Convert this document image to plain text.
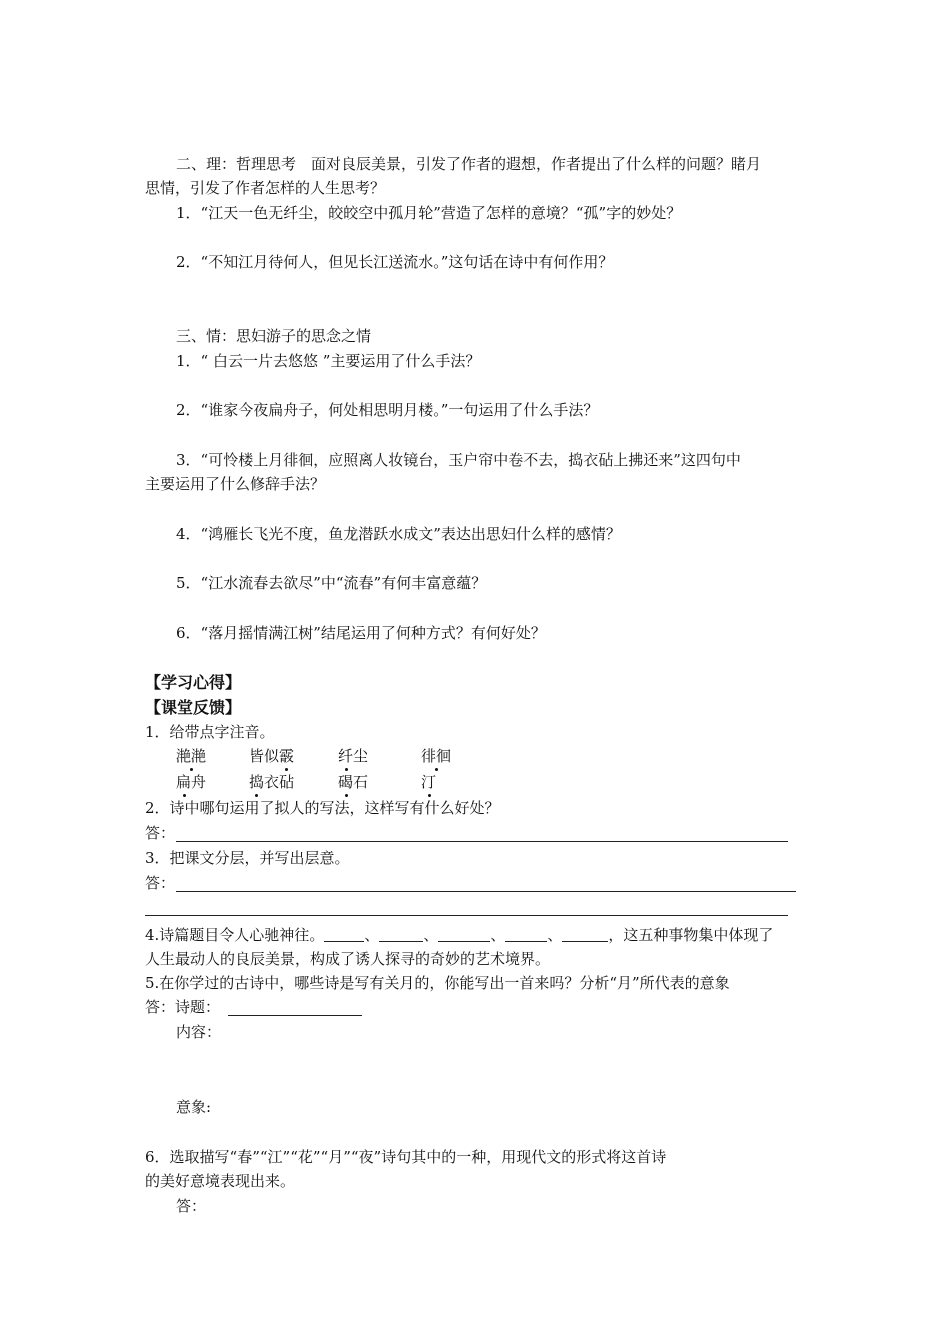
二、理：哲理思考　面对良辰美景，引发了作者的遐想，作者提出了什么样的问题？睹月
思情，引发了作者怎样的人生思考？
1．“江天一色无纤尘，皎皎空中孤月轮”营造了怎样的意境？“孤”字的妙处？
2．“不知江月待何人，但见长江送流水。”这句话在诗中有何作用？
三、情：思妇游子的思念之情
1．“ 白云一片去悠悠 ”主要运用了什么手法？
2．“谁家今夜扁舟子，何处相思明月楼。”一句运用了什么手法？
3．“可怜楼上月徘徊，应照离人妆镜台，玉户帘中卷不去，捣衣砧上拂还来”这四句中
主要运用了什么修辞手法？
4．“鸿雁长飞光不度，鱼龙潜跃水成文”表达出思妇什么样的感情？
5．“江水流春去欲尽”中“流春”有何丰富意蕴？
6．“落月摇情满江树”结尾运用了何种方式？有何好处？
【学习心得】
【课堂反馈】
1．给带点字注音。
滟滟	皆似霰	纤尘	徘徊
扁舟	捣衣砧	碣石	汀
2．诗中哪句运用了拟人的写法，这样写有什么好处？
答：
3．把课文分层，并写出层意。
答：
4.诗篇题目令人心驰神往。	、	、	、	、	，这五种事物集中体现了
人生最动人的良辰美景，构成了诱人探寻的奇妙的艺术境界。
5.在你学过的古诗中，哪些诗是写有关月的，你能写出一首来吗？分析“月”所代表的意象
答：诗题：
内容：
意象:
6．选取描写“春”“江”“花”“月”“夜”诗句其中的一种，用现代文的形式将这首诗
的美好意境表现出来。
答：
